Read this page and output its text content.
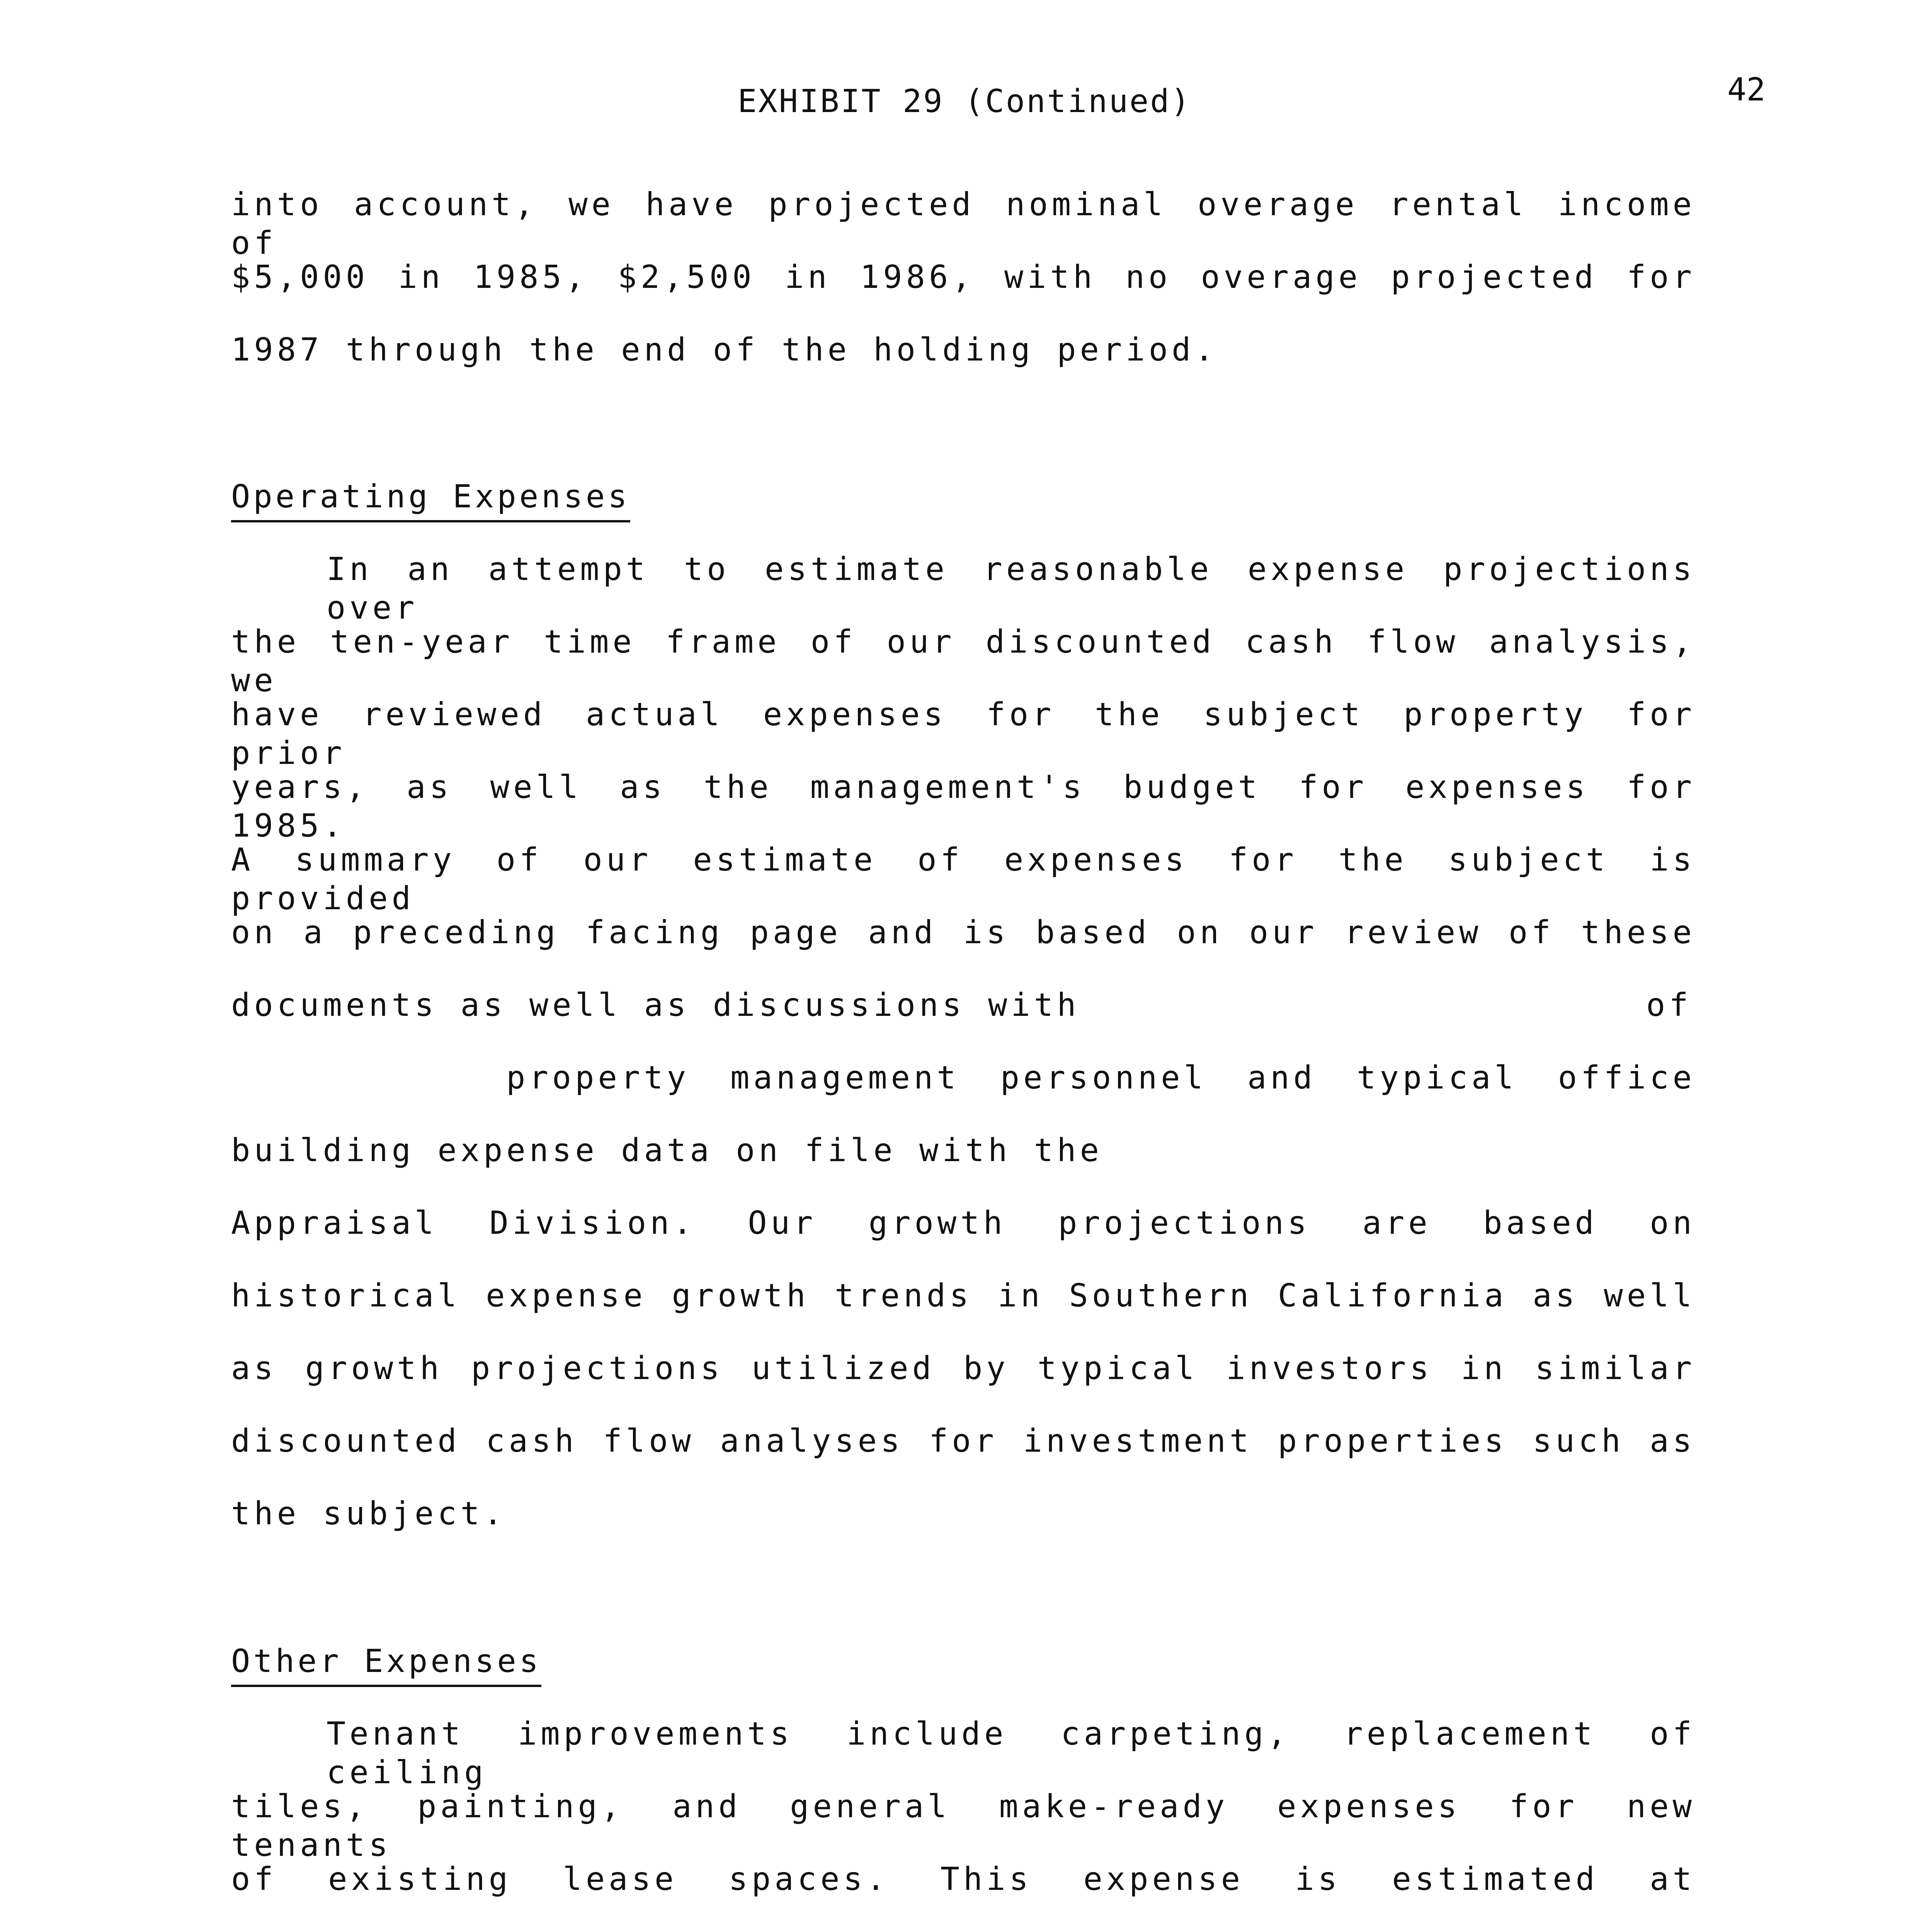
EXHIBIT 29 (Continued)	42
into account, we have projected nominal overage rental income of
$5,000 in 1985, $2,500 in 1986, with no overage projected for
1987 through the end of the holding period.
Operating Expenses
In an attempt to estimate reasonable expense projections over
the ten-year time frame of our discounted cash flow analysis, we
have reviewed actual expenses for the subject property for prior
years, as well as the management's budget for expenses for 1985.
A summary of our estimate of expenses for the subject is provided
on a preceding facing page and is based on our review of these
documents as well as discussions with	of
property management personnel and typical office
building expense data on file with the
Appraisal Division. Our growth projections are based on
historical expense growth trends in Southern California as well
as growth projections utilized by typical investors in similar
discounted cash flow analyses for investment properties such as
the subject.
Other Expenses
Tenant improvements include carpeting, replacement of ceiling
tiles, painting, and general make-ready expenses for new tenants
of existing lease spaces. This expense is estimated at
